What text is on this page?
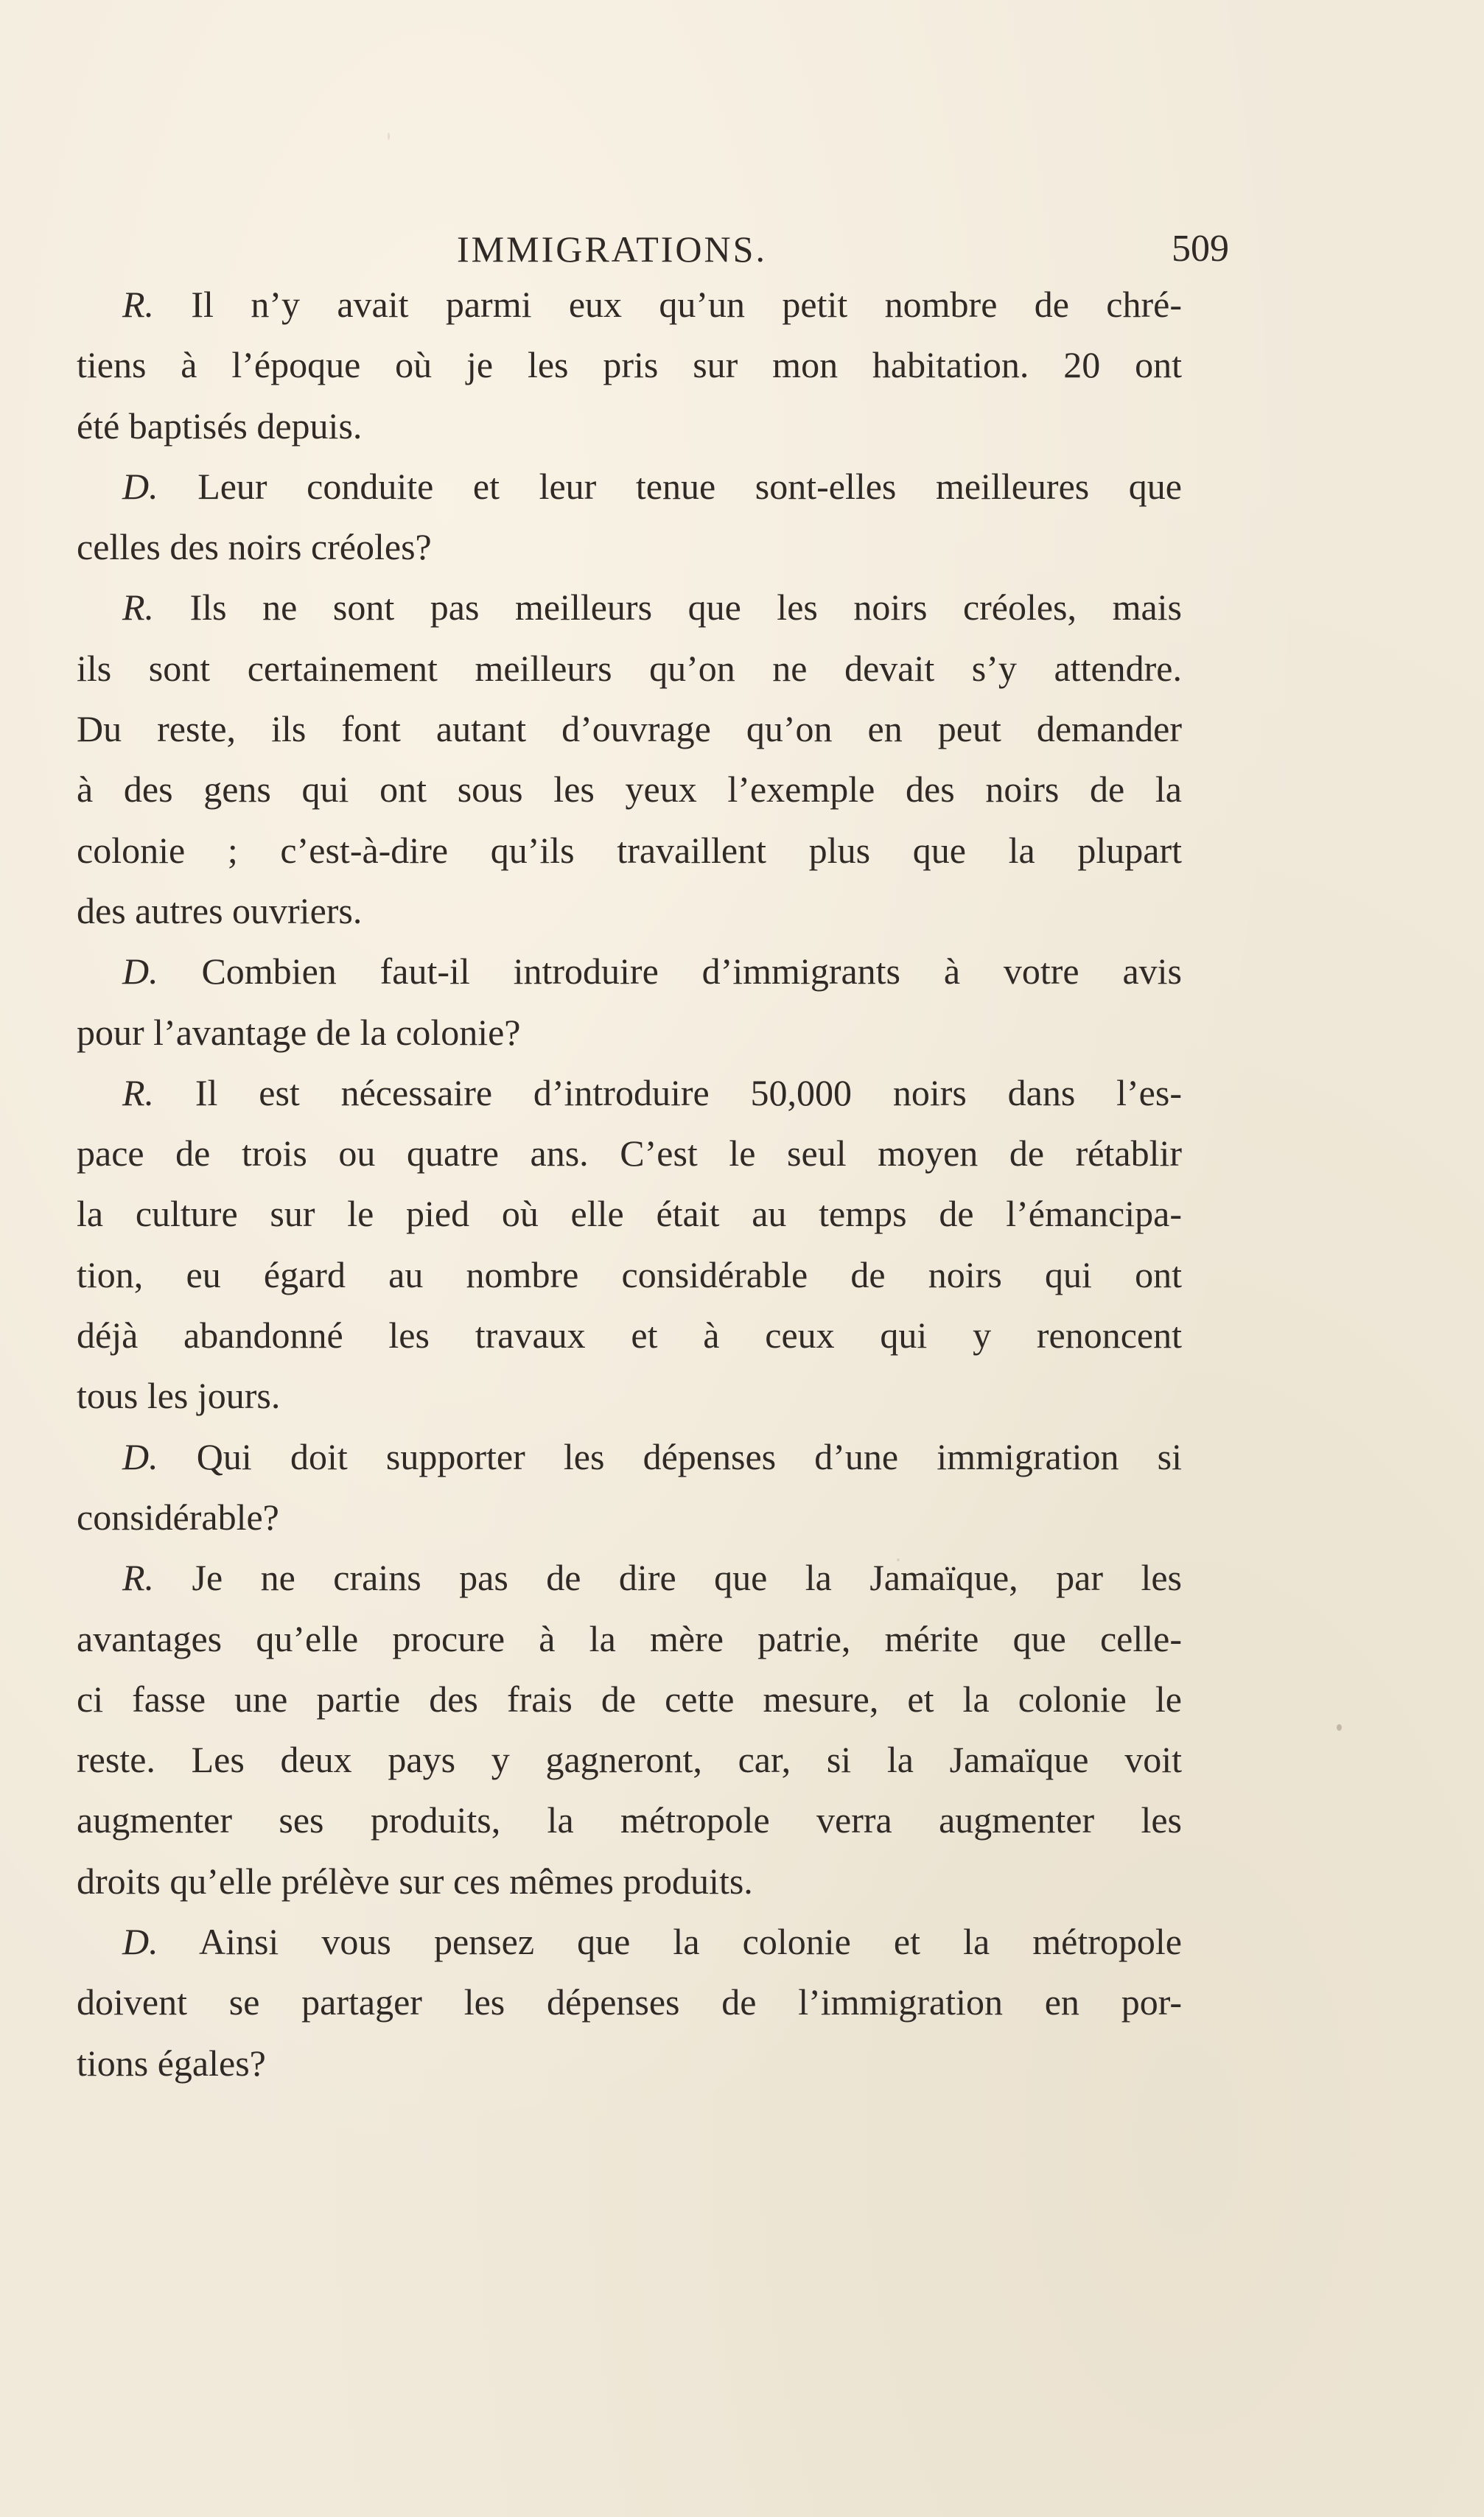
IMMIGRATIONS.	509
R. Il n’y avait parmi eux qu’un petit nombre de chré-
tiens à l’époque où je les pris sur mon habitation. 20 ont
été baptisés depuis.
D. Leur conduite et leur tenue sont-elles meilleures que
celles des noirs créoles?
R. Ils ne sont pas meilleurs que les noirs créoles, mais
ils sont certainement meilleurs qu’on ne devait s’y attendre.
Du reste, ils font autant d’ouvrage qu’on en peut demander
à des gens qui ont sous les yeux l’exemple des noirs de la
colonie ; c’est-à-dire qu’ils travaillent plus que la plupart
des autres ouvriers.
D. Combien faut-il introduire d’immigrants à votre avis
pour l’avantage de la colonie?
R. Il est nécessaire d’introduire 50,000 noirs dans l’es-
pace de trois ou quatre ans. C’est le seul moyen de rétablir
la culture sur le pied où elle était au temps de l’émancipa-
tion, eu égard au nombre considérable de noirs qui ont
déjà abandonné les travaux et à ceux qui y renoncent
tous les jours.
D. Qui doit supporter les dépenses d’une immigration si
considérable?
R. Je ne crains pas de dire que la Jamaïque, par les
avantages qu’elle procure à la mère patrie, mérite que celle-
ci fasse une partie des frais de cette mesure, et la colonie le
reste. Les deux pays y gagneront, car, si la Jamaïque voit
augmenter ses produits, la métropole verra augmenter les
droits qu’elle prélève sur ces mêmes produits.
D. Ainsi vous pensez que la colonie et la métropole
doivent se partager les dépenses de l’immigration en por-
tions égales?
